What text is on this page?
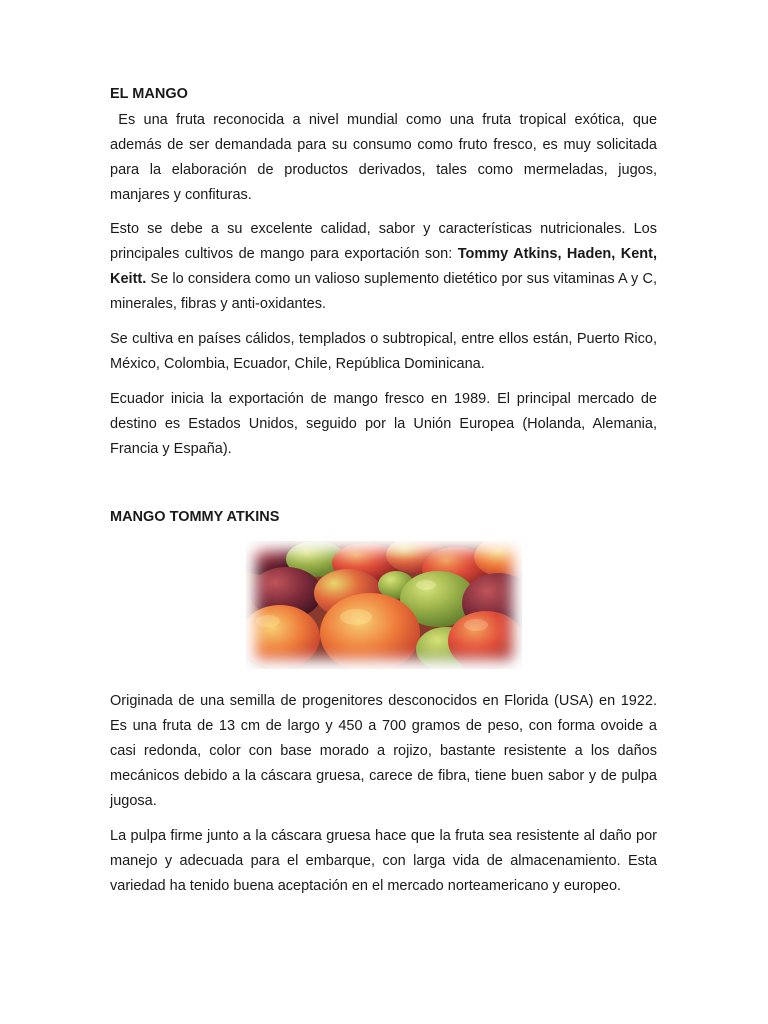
EL MANGO

Es una fruta reconocida a nivel mundial como una fruta tropical exótica, que además de ser demandada para su consumo como fruto fresco, es muy solicitada para la elaboración de productos derivados, tales como mermeladas, jugos, manjares y confituras.

Esto se debe a su excelente calidad, sabor y características nutricionales. Los principales cultivos de mango para exportación son: Tommy Atkins, Haden, Kent, Keitt. Se lo considera como un valioso suplemento dietético por sus vitaminas A y C, minerales, fibras y anti-oxidantes.

Se cultiva en países cálidos, templados o subtropical, entre ellos están, Puerto Rico, México, Colombia, Ecuador, Chile, República Dominicana.

Ecuador inicia la exportación de mango fresco en 1989. El principal mercado de destino es Estados Unidos, seguido por la Unión Europea (Holanda, Alemania, Francia y España).

MANGO TOMMY ATKINS

Originada de una semilla de progenitores desconocidos en Florida (USA) en 1922. Es una fruta de 13 cm de largo y 450 a 700 gramos de peso, con forma ovoide a casi redonda, color con base morado a rojizo, bastante resistente a los daños mecánicos debido a la cáscara gruesa, carece de fibra, tiene buen sabor y de pulpa jugosa.

La pulpa firme junto a la cáscara gruesa hace que la fruta sea resistente al daño por manejo y adecuada para el embarque, con larga vida de almacenamiento. Esta variedad ha tenido buena aceptación en el mercado norteamericano y europeo.
